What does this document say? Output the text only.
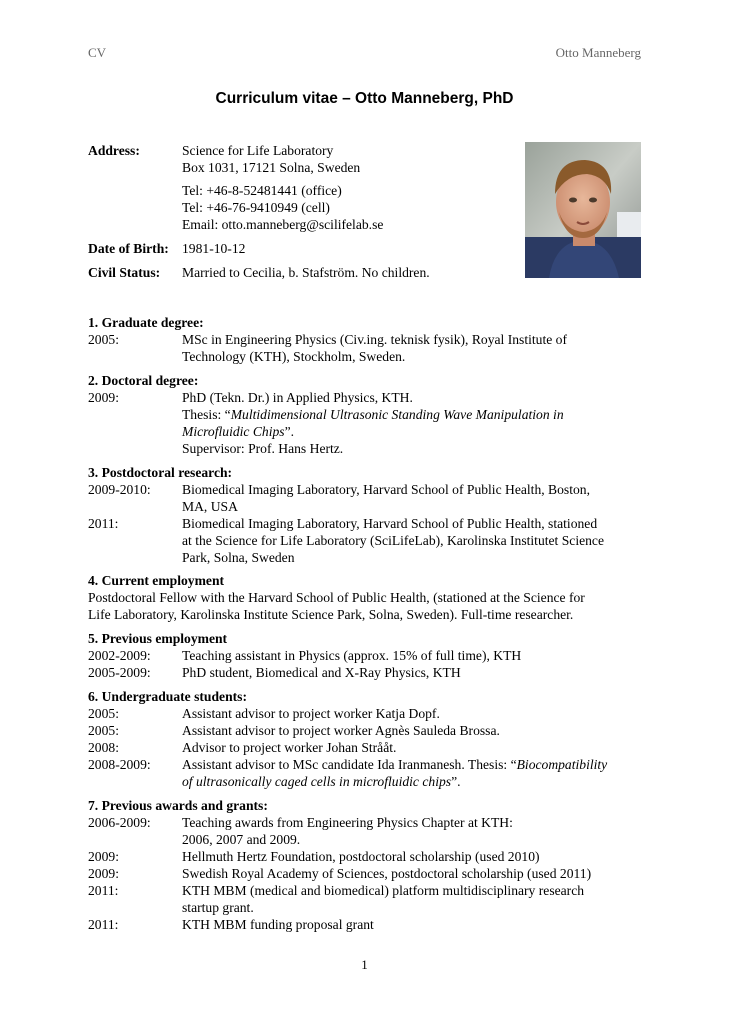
CV	Otto Manneberg
Curriculum vitae – Otto Manneberg, PhD
Address:	Science for Life Laboratory
Box 1031, 17121 Solna, Sweden
Tel: +46-8-52481441 (office)
Tel: +46-76-9410949 (cell)
Email: otto.manneberg@scilifelab.se
Date of Birth: 1981-10-12
Civil Status: Married to Cecilia, b. Stafström. No children.
1. Graduate degree:
2005:	MSc in Engineering Physics (Civ.ing. teknisk fysik), Royal Institute of
Technology (KTH), Stockholm, Sweden.
2. Doctoral degree:
2009:	PhD (Tekn. Dr.) in Applied Physics, KTH.
Thesis: “Multidimensional Ultrasonic Standing Wave Manipulation in
Microfluidic Chips”.
Supervisor: Prof. Hans Hertz.
3. Postdoctoral research:
2009-2010: Biomedical Imaging Laboratory, Harvard School of Public Health, Boston,
MA, USA
2011:	Biomedical Imaging Laboratory, Harvard School of Public Health, stationed
at the Science for Life Laboratory (SciLifeLab), Karolinska Institutet Science
Park, Solna, Sweden
4. Current employment
Postdoctoral Fellow with the Harvard School of Public Health, (stationed at the Science for
Life Laboratory, Karolinska Institute Science Park, Solna, Sweden). Full-time researcher.
5. Previous employment
2002-2009: Teaching assistant in Physics (approx. 15% of full time), KTH
2005-2009: PhD student, Biomedical and X-Ray Physics, KTH
6. Undergraduate students:
2005:	Assistant advisor to project worker Katja Dopf.
2005:	Assistant advisor to project worker Agnès Sauleda Brossa.
2008:	Advisor to project worker Johan Strååt.
2008-2009: Assistant advisor to MSc candidate Ida Iranmanesh. Thesis: “Biocompatibility
of ultrasonically caged cells in microfluidic chips”.
7. Previous awards and grants:
2006-2009: Teaching awards from Engineering Physics Chapter at KTH:
2006, 2007 and 2009.
2009:	Hellmuth Hertz Foundation, postdoctoral scholarship (used 2010)
2009:	Swedish Royal Academy of Sciences, postdoctoral scholarship (used 2011)
2011:	KTH MBM (medical and biomedical) platform multidisciplinary research
startup grant.
2011:	KTH MBM funding proposal grant
1
